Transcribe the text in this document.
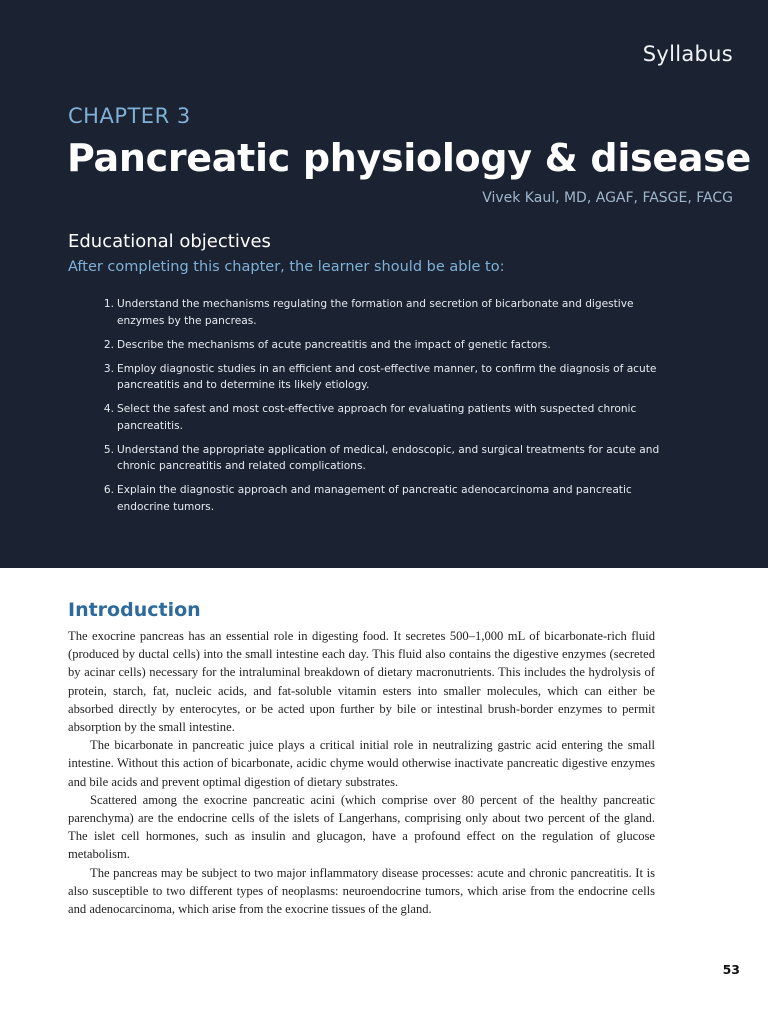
Syllabus
CHAPTER 3
Pancreatic physiology & disease
Vivek Kaul, MD, AGAF, FASGE, FACG
Educational objectives
After completing this chapter, the learner should be able to:
1. Understand the mechanisms regulating the formation and secretion of bicarbonate and digestive enzymes by the pancreas.
2. Describe the mechanisms of acute pancreatitis and the impact of genetic factors.
3. Employ diagnostic studies in an efficient and cost-effective manner, to confirm the diagnosis of acute pancreatitis and to determine its likely etiology.
4. Select the safest and most cost-effective approach for evaluating patients with suspected chronic pancreatitis.
5. Understand the appropriate application of medical, endoscopic, and surgical treatments for acute and chronic pancreatitis and related complications.
6. Explain the diagnostic approach and management of pancreatic adenocarcinoma and pancreatic endocrine tumors.
Introduction

The exocrine pancreas has an essential role in digesting food. It secretes 500–1,000 mL of bicarbonate-rich fluid (produced by ductal cells) into the small intestine each day. This fluid also contains the digestive enzymes (secreted by acinar cells) necessary for the intraluminal breakdown of dietary macronutrients. This includes the hydrolysis of protein, starch, fat, nucleic acids, and fat-soluble vitamin esters into smaller molecules, which can either be absorbed directly by enterocytes, or be acted upon further by bile or intestinal brush-border enzymes to permit absorption by the small intestine.

The bicarbonate in pancreatic juice plays a critical initial role in neutralizing gastric acid entering the small intestine. Without this action of bicarbonate, acidic chyme would otherwise inactivate pancreatic digestive enzymes and bile acids and prevent optimal digestion of dietary substrates.

Scattered among the exocrine pancreatic acini (which comprise over 80 percent of the healthy pancreatic parenchyma) are the endocrine cells of the islets of Langerhans, comprising only about two percent of the gland. The islet cell hormones, such as insulin and glucagon, have a profound effect on the regulation of glucose metabolism.

The pancreas may be subject to two major inflammatory disease processes: acute and chronic pancreatitis. It is also susceptible to two different types of neoplasms: neuroendocrine tumors, which arise from the endocrine cells and adenocarcinoma, which arise from the exocrine tissues of the gland.

53
